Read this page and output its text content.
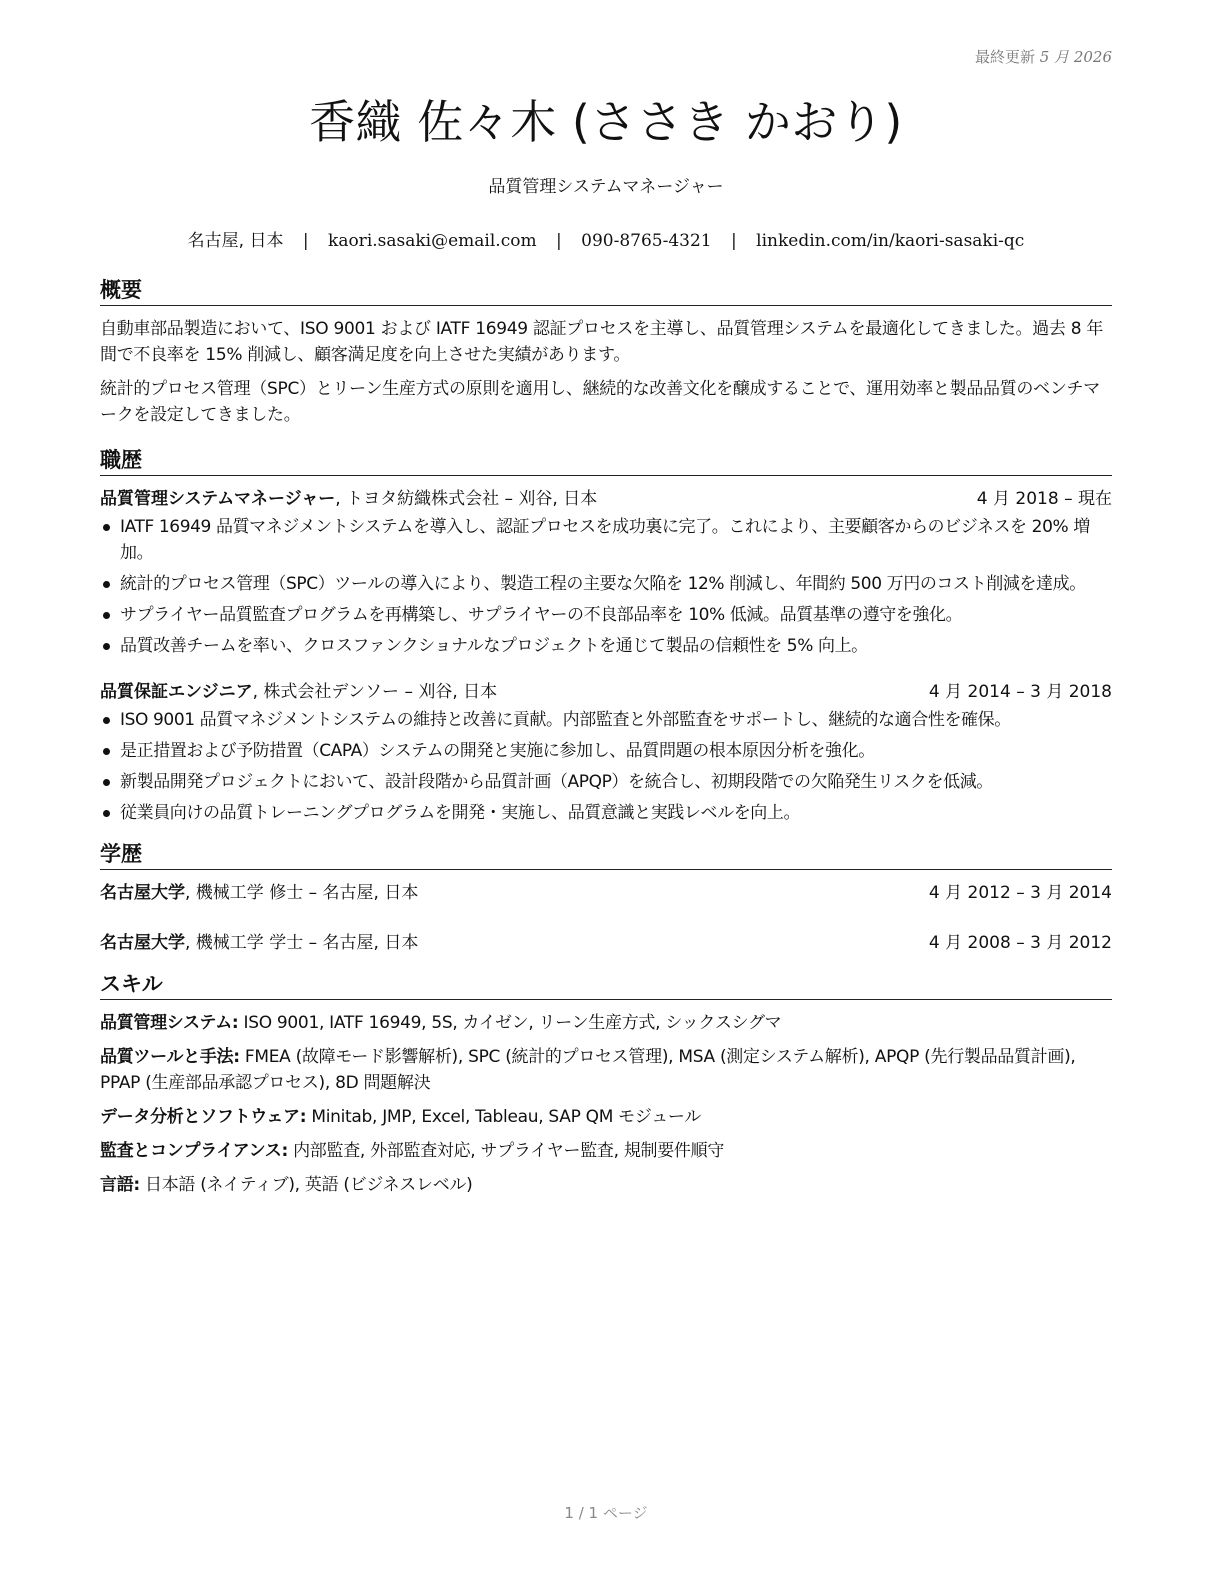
最終更新 5 月 2026
香織 佐々木 (ささき かおり)
品質管理システムマネージャー
名古屋, 日本 | kaori.sasaki@email.com | 090-8765-4321 | linkedin.com/in/kaori-sasaki-qc
概要

自動車部品製造において、ISO 9001 および IATF 16949 認証プロセスを主導し、品質管理システムを最適化してきました。過去 8 年間で不良率を 15% 削減し、顧客満足度を向上させた実績があります。

統計的プロセス管理（SPC）とリーン生産方式の原則を適用し、継続的な改善文化を醸成することで、運用効率と製品品質のベンチマークを設定してきました。

職歴
品質管理システムマネージャー, トヨタ紡織株式会社 – 刈谷, 日本	4 月 2018 – 現在
IATF 16949 品質マネジメントシステムを導入し、認証プロセスを成功裏に完了。これにより、主要顧客からのビジネスを 20% 増加。
統計的プロセス管理（SPC）ツールの導入により、製造工程の主要な欠陥を 12% 削減し、年間約 500 万円のコスト削減を達成。
サプライヤー品質監査プログラムを再構築し、サプライヤーの不良部品率を 10% 低減。品質基準の遵守を強化。
品質改善チームを率い、クロスファンクショナルなプロジェクトを通じて製品の信頼性を 5% 向上。
品質保証エンジニア, 株式会社デンソー – 刈谷, 日本	4 月 2014 – 3 月 2018
ISO 9001 品質マネジメントシステムの維持と改善に貢献。内部監査と外部監査をサポートし、継続的な適合性を確保。
是正措置および予防措置（CAPA）システムの開発と実施に参加し、品質問題の根本原因分析を強化。
新製品開発プロジェクトにおいて、設計段階から品質計画（APQP）を統合し、初期段階での欠陥発生リスクを低減。
従業員向けの品質トレーニングプログラムを開発・実施し、品質意識と実践レベルを向上。
学歴
名古屋大学, 機械工学 修士 – 名古屋, 日本	4 月 2012 – 3 月 2014
名古屋大学, 機械工学 学士 – 名古屋, 日本	4 月 2008 – 3 月 2012
スキル
品質管理システム: ISO 9001, IATF 16949, 5S, カイゼン, リーン生産方式, シックスシグマ
品質ツールと手法: FMEA (故障モード影響解析), SPC (統計的プロセス管理), MSA (測定システム解析), APQP (先行製品品質計画), PPAP (生産部品承認プロセス), 8D 問題解決
データ分析とソフトウェア: Minitab, JMP, Excel, Tableau, SAP QM モジュール
監査とコンプライアンス: 内部監査, 外部監査対応, サプライヤー監査, 規制要件順守
言語: 日本語 (ネイティブ), 英語 (ビジネスレベル)
1 / 1 ページ
